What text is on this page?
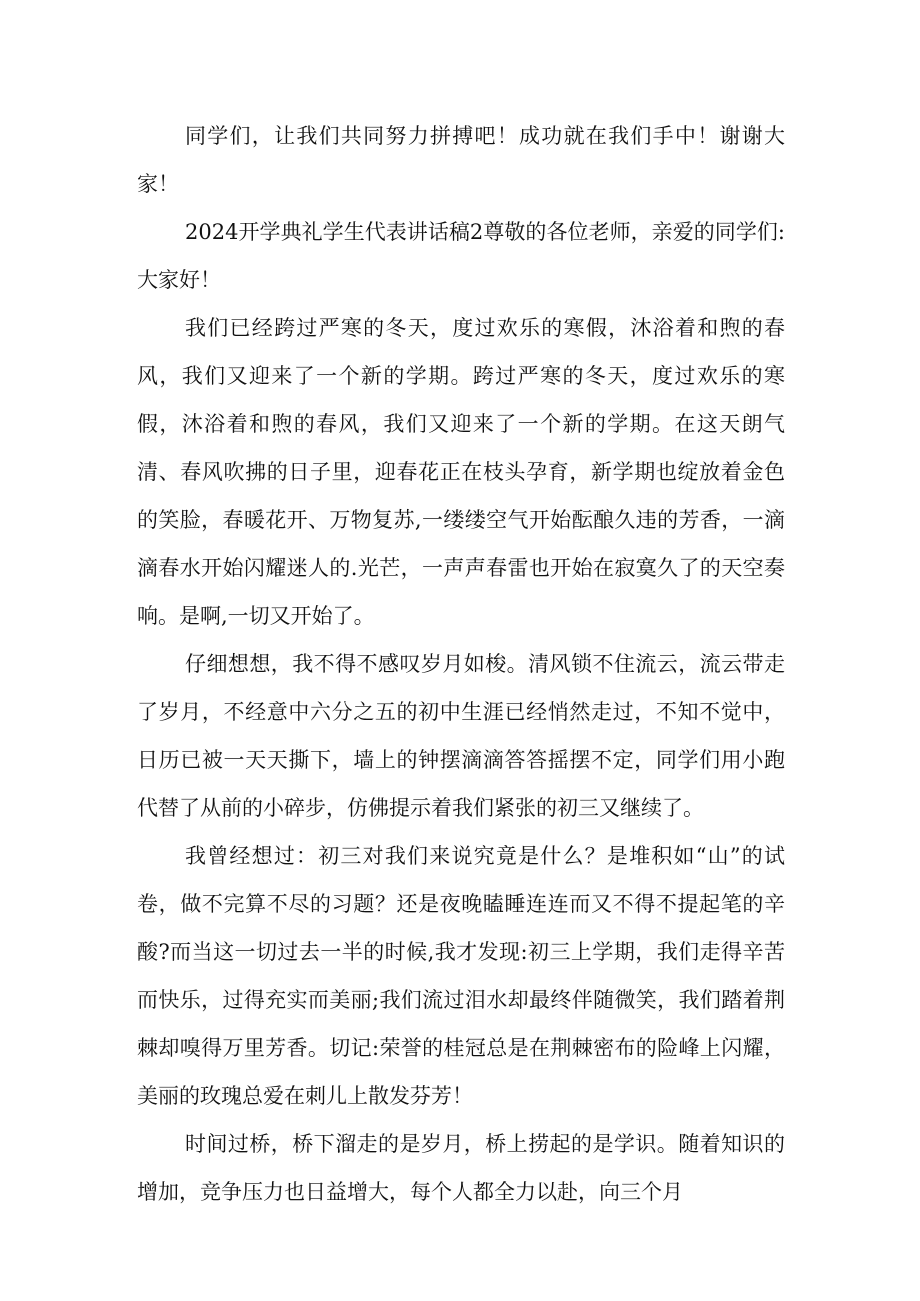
同学们，让我们共同努力拼搏吧！成功就在我们手中！谢谢大家！

2024开学典礼学生代表讲话稿2尊敬的各位老师，亲爱的同学们:大家好！

我们已经跨过严寒的冬天，度过欢乐的寒假，沐浴着和煦的春风，我们又迎来了一个新的学期。跨过严寒的冬天，度过欢乐的寒假，沐浴着和煦的春风，我们又迎来了一个新的学期。在这天朗气清、春风吹拂的日子里，迎春花正在枝头孕育，新学期也绽放着金色的笑脸，春暖花开、万物复苏,一缕缕空气开始酝酿久违的芳香，一滴滴春水开始闪耀迷人的.光芒，一声声春雷也开始在寂寞久了的天空奏响。是啊,一切又开始了。

仔细想想，我不得不感叹岁月如梭。清风锁不住流云，流云带走了岁月，不经意中六分之五的初中生涯已经悄然走过，不知不觉中，日历已被一天天撕下，墙上的钟摆滴滴答答摇摆不定，同学们用小跑代替了从前的小碎步，仿佛提示着我们紧张的初三又继续了。

我曾经想过：初三对我们来说究竟是什么？是堆积如“山”的试卷，做不完算不尽的习题？还是夜晚瞌睡连连而又不得不提起笔的辛酸?而当这一切过去一半的时候,我才发现:初三上学期，我们走得辛苦而快乐，过得充实而美丽;我们流过泪水却最终伴随微笑，我们踏着荆棘却嗅得万里芳香。切记:荣誉的桂冠总是在荆棘密布的险峰上闪耀，美丽的玫瑰总爱在刺儿上散发芬芳！

时间过桥，桥下溜走的是岁月，桥上捞起的是学识。随着知识的增加，竞争压力也日益增大，每个人都全力以赴，向三个月
